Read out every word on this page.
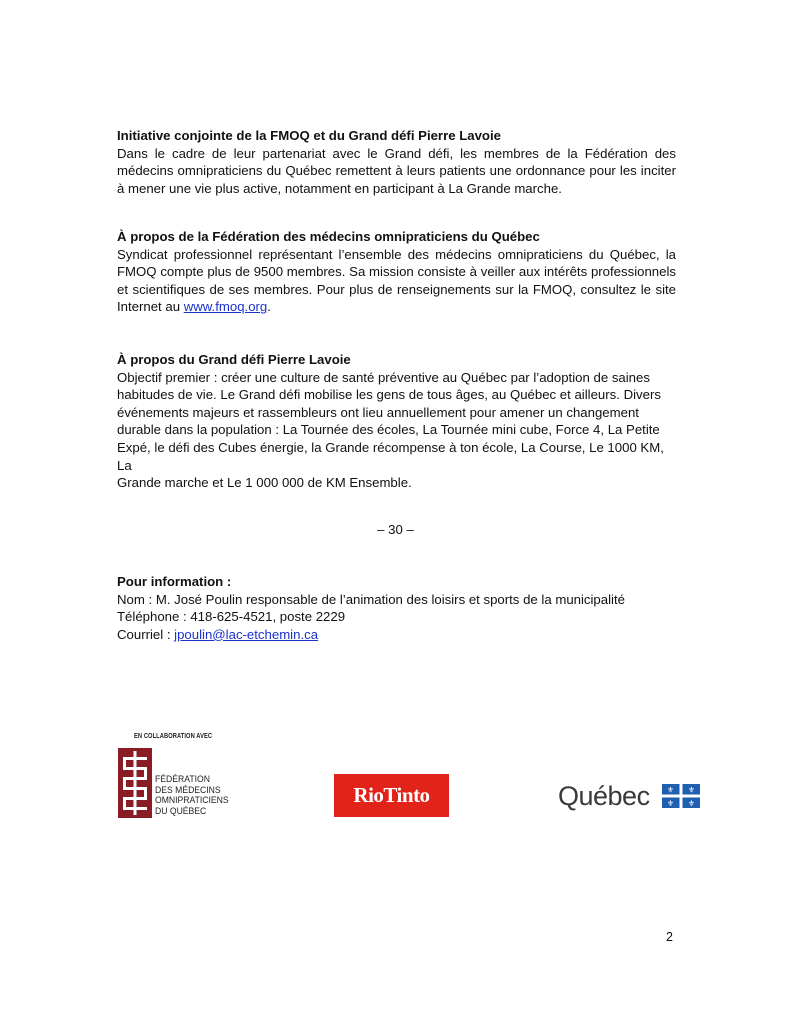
Initiative conjointe de la FMOQ et du Grand défi Pierre Lavoie

Dans le cadre de leur partenariat avec le Grand défi, les membres de la Fédération des médecins omnipraticiens du Québec remettent à leurs patients une ordonnance pour les inciter à mener une vie plus active, notamment en participant à La Grande marche.

À propos de la Fédération des médecins omnipraticiens du Québec

Syndicat professionnel représentant l’ensemble des médecins omnipraticiens du Québec, la FMOQ compte plus de 9500 membres. Sa mission consiste à veiller aux intérêts professionnels et scientifiques de ses membres. Pour plus de renseignements sur la FMOQ, consultez le site Internet au www.fmoq.org.

À propos du Grand défi Pierre Lavoie

Objectif premier : créer une culture de santé préventive au Québec par l’adoption de saines

habitudes de vie. Le Grand défi mobilise les gens de tous âges, au Québec et ailleurs. Divers

événements majeurs et rassembleurs ont lieu annuellement pour amener un changement

durable dans la population : La Tournée des écoles, La Tournée mini cube, Force 4, La Petite

Expé, le défi des Cubes énergie, la Grande récompense à ton école, La Course, Le 1000 KM, La

Grande marche et Le 1 000 000 de KM Ensemble.

– 30 –

Pour information :

Nom : M. José Poulin responsable de l’animation des loisirs et sports de la municipalité

Téléphone : 418-625-4521, poste 2229

Courriel : jpoulin@lac-etchemin.ca

EN COLLABORATION AVEC
FÉDÉRATION
DES MÉDECINS
OMNIPRATICIENS
DU QUÉBEC
RioTinto	Québec ⚜ ⚜
⚜ ⚜
2
